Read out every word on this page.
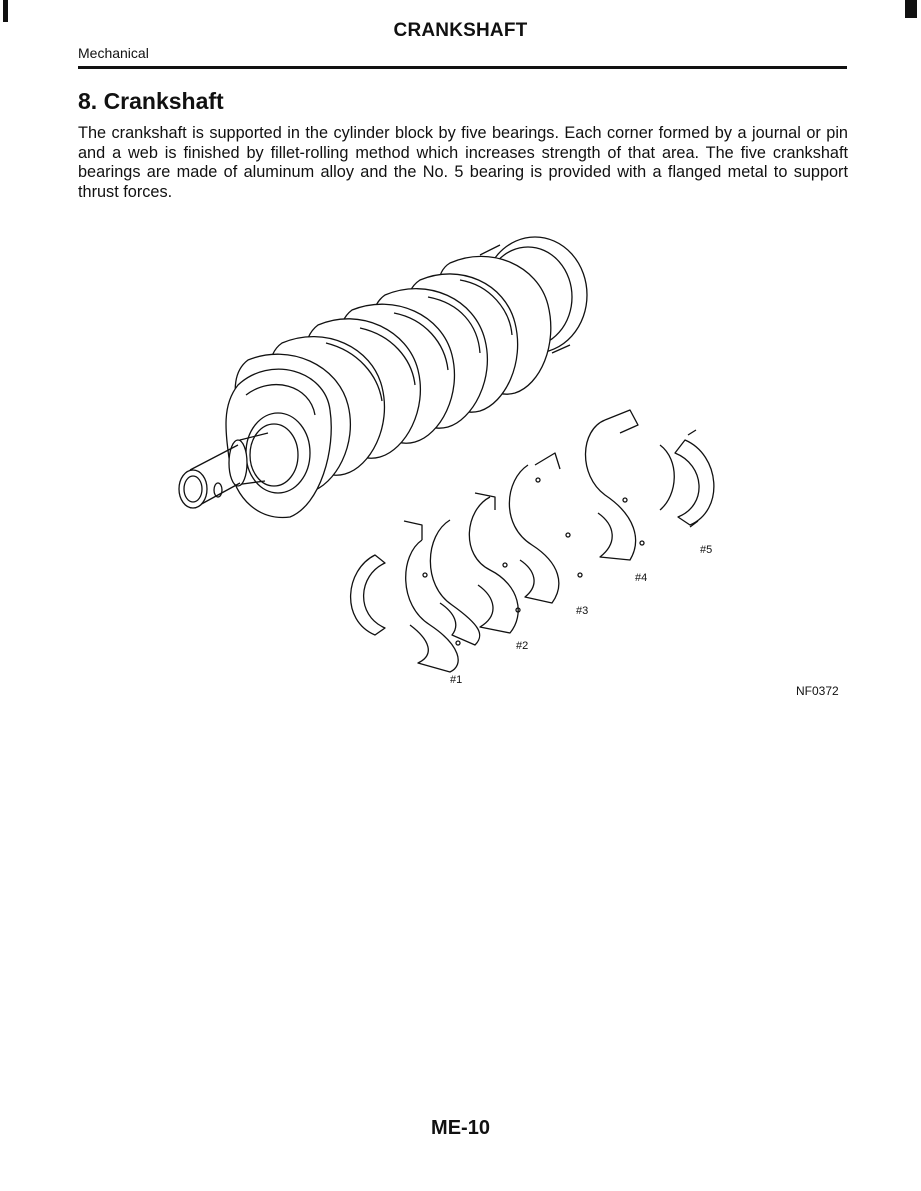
CRANKSHAFT
Mechanical
8. Crankshaft
The crankshaft is supported in the cylinder block by five bearings. Each corner formed by a journal or pin and a web is finished by fillet-rolling method which increases strength of that area. The five crankshaft bearings are made of aluminum alloy and the No. 5 bearing is provided with a flanged metal to support thrust forces.
#1
#2
#3
#4
#5
NF0372
ME-10
